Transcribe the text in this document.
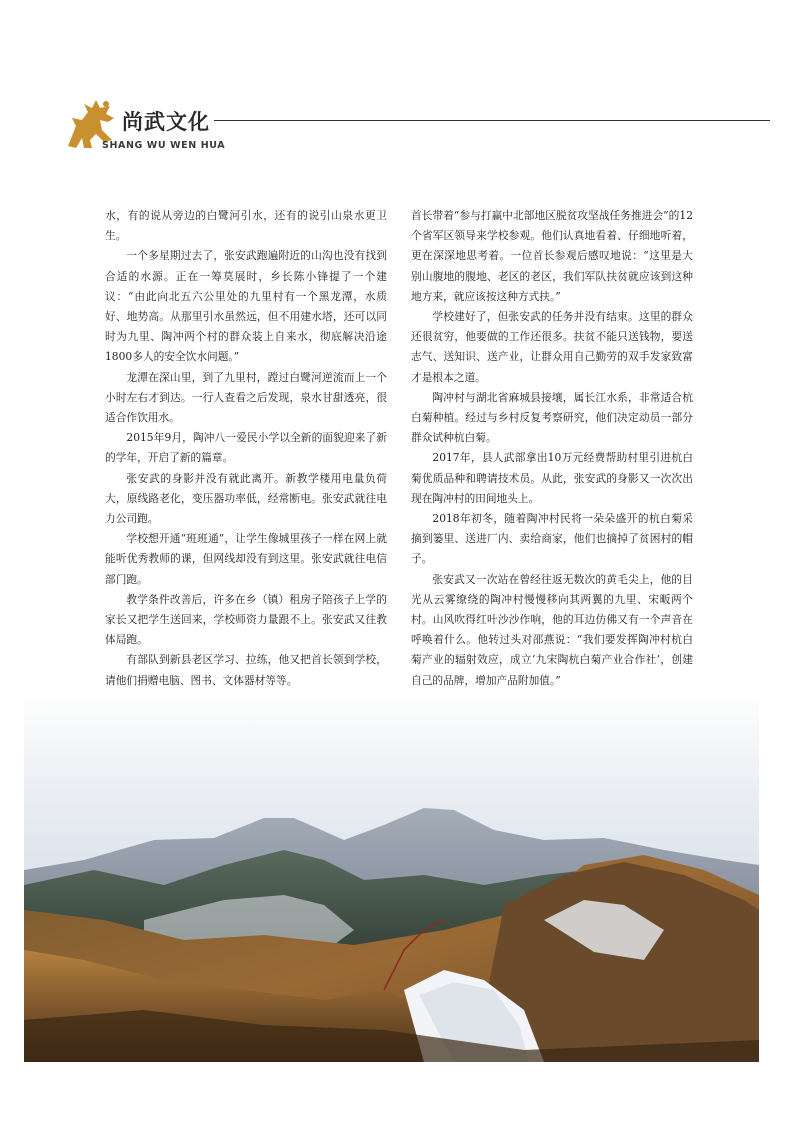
尚武文化
SHANG WU WEN HUA

水，有的说从旁边的白鹭河引水，还有的说引山泉水更卫生。

一个多星期过去了，张安武跑遍附近的山沟也没有找到合适的水源。正在一筹莫展时，乡长陈小锋提了一个建议：“由此向北五六公里处的九里村有一个黑龙潭，水质好、地势高。从那里引水虽然远，但不用建水塔，还可以同时为九里、陶冲两个村的群众装上自来水，彻底解决沿途1800多人的安全饮水问题。”

龙潭在深山里，到了九里村，蹚过白鹭河逆流而上一个小时左右才到达。一行人查看之后发现，泉水甘甜透亮，很适合作饮用水。

2015年9月，陶冲八一爱民小学以全新的面貌迎来了新的学年，开启了新的篇章。

张安武的身影并没有就此离开。新教学楼用电量负荷大，原线路老化，变压器功率低，经常断电。张安武就往电力公司跑。

学校想开通“班班通”，让学生像城里孩子一样在网上就能听优秀教师的课，但网线却没有到这里。张安武就往电信部门跑。

教学条件改善后，许多在乡（镇）租房子陪孩子上学的家长又把学生送回来，学校师资力量跟不上。张安武又往教体局跑。

有部队到新县老区学习、拉练，他又把首长领到学校，请他们捐赠电脑、图书、文体器材等等。

首长带着“参与打赢中北部地区脱贫攻坚战任务推进会”的12个省军区领导来学校参观。他们认真地看着、仔细地听着，更在深深地思考着。一位首长参观后感叹地说：“这里是大别山腹地的腹地、老区的老区，我们军队扶贫就应该到这种地方来，就应该按这种方式扶。”

学校建好了，但张安武的任务并没有结束。这里的群众还很贫穷，他要做的工作还很多。扶贫不能只送钱物，要送志气、送知识、送产业，让群众用自己勤劳的双手发家致富才是根本之道。

陶冲村与湖北省麻城县接壤，属长江水系，非常适合杭白菊种植。经过与乡村反复考察研究，他们决定动员一部分群众试种杭白菊。

2017年，县人武部拿出10万元经费帮助村里引进杭白菊优质品种和聘请技术员。从此，张安武的身影又一次次出现在陶冲村的田间地头上。

2018年初冬，随着陶冲村民将一朵朵盛开的杭白菊采摘到篓里、送进厂内、卖给商家，他们也摘掉了贫困村的帽子。

张安武又一次站在曾经往返无数次的黄毛尖上，他的目光从云雾缭绕的陶冲村慢慢移向其两翼的九里、宋畈两个村。山风吹得红叶沙沙作响，他的耳边仿佛又有一个声音在呼唤着什么。他转过头对邵燕说：“我们要发挥陶冲村杭白菊产业的辐射效应，成立‘九宋陶杭白菊产业合作社’，创建自己的品牌，增加产品附加值。”
